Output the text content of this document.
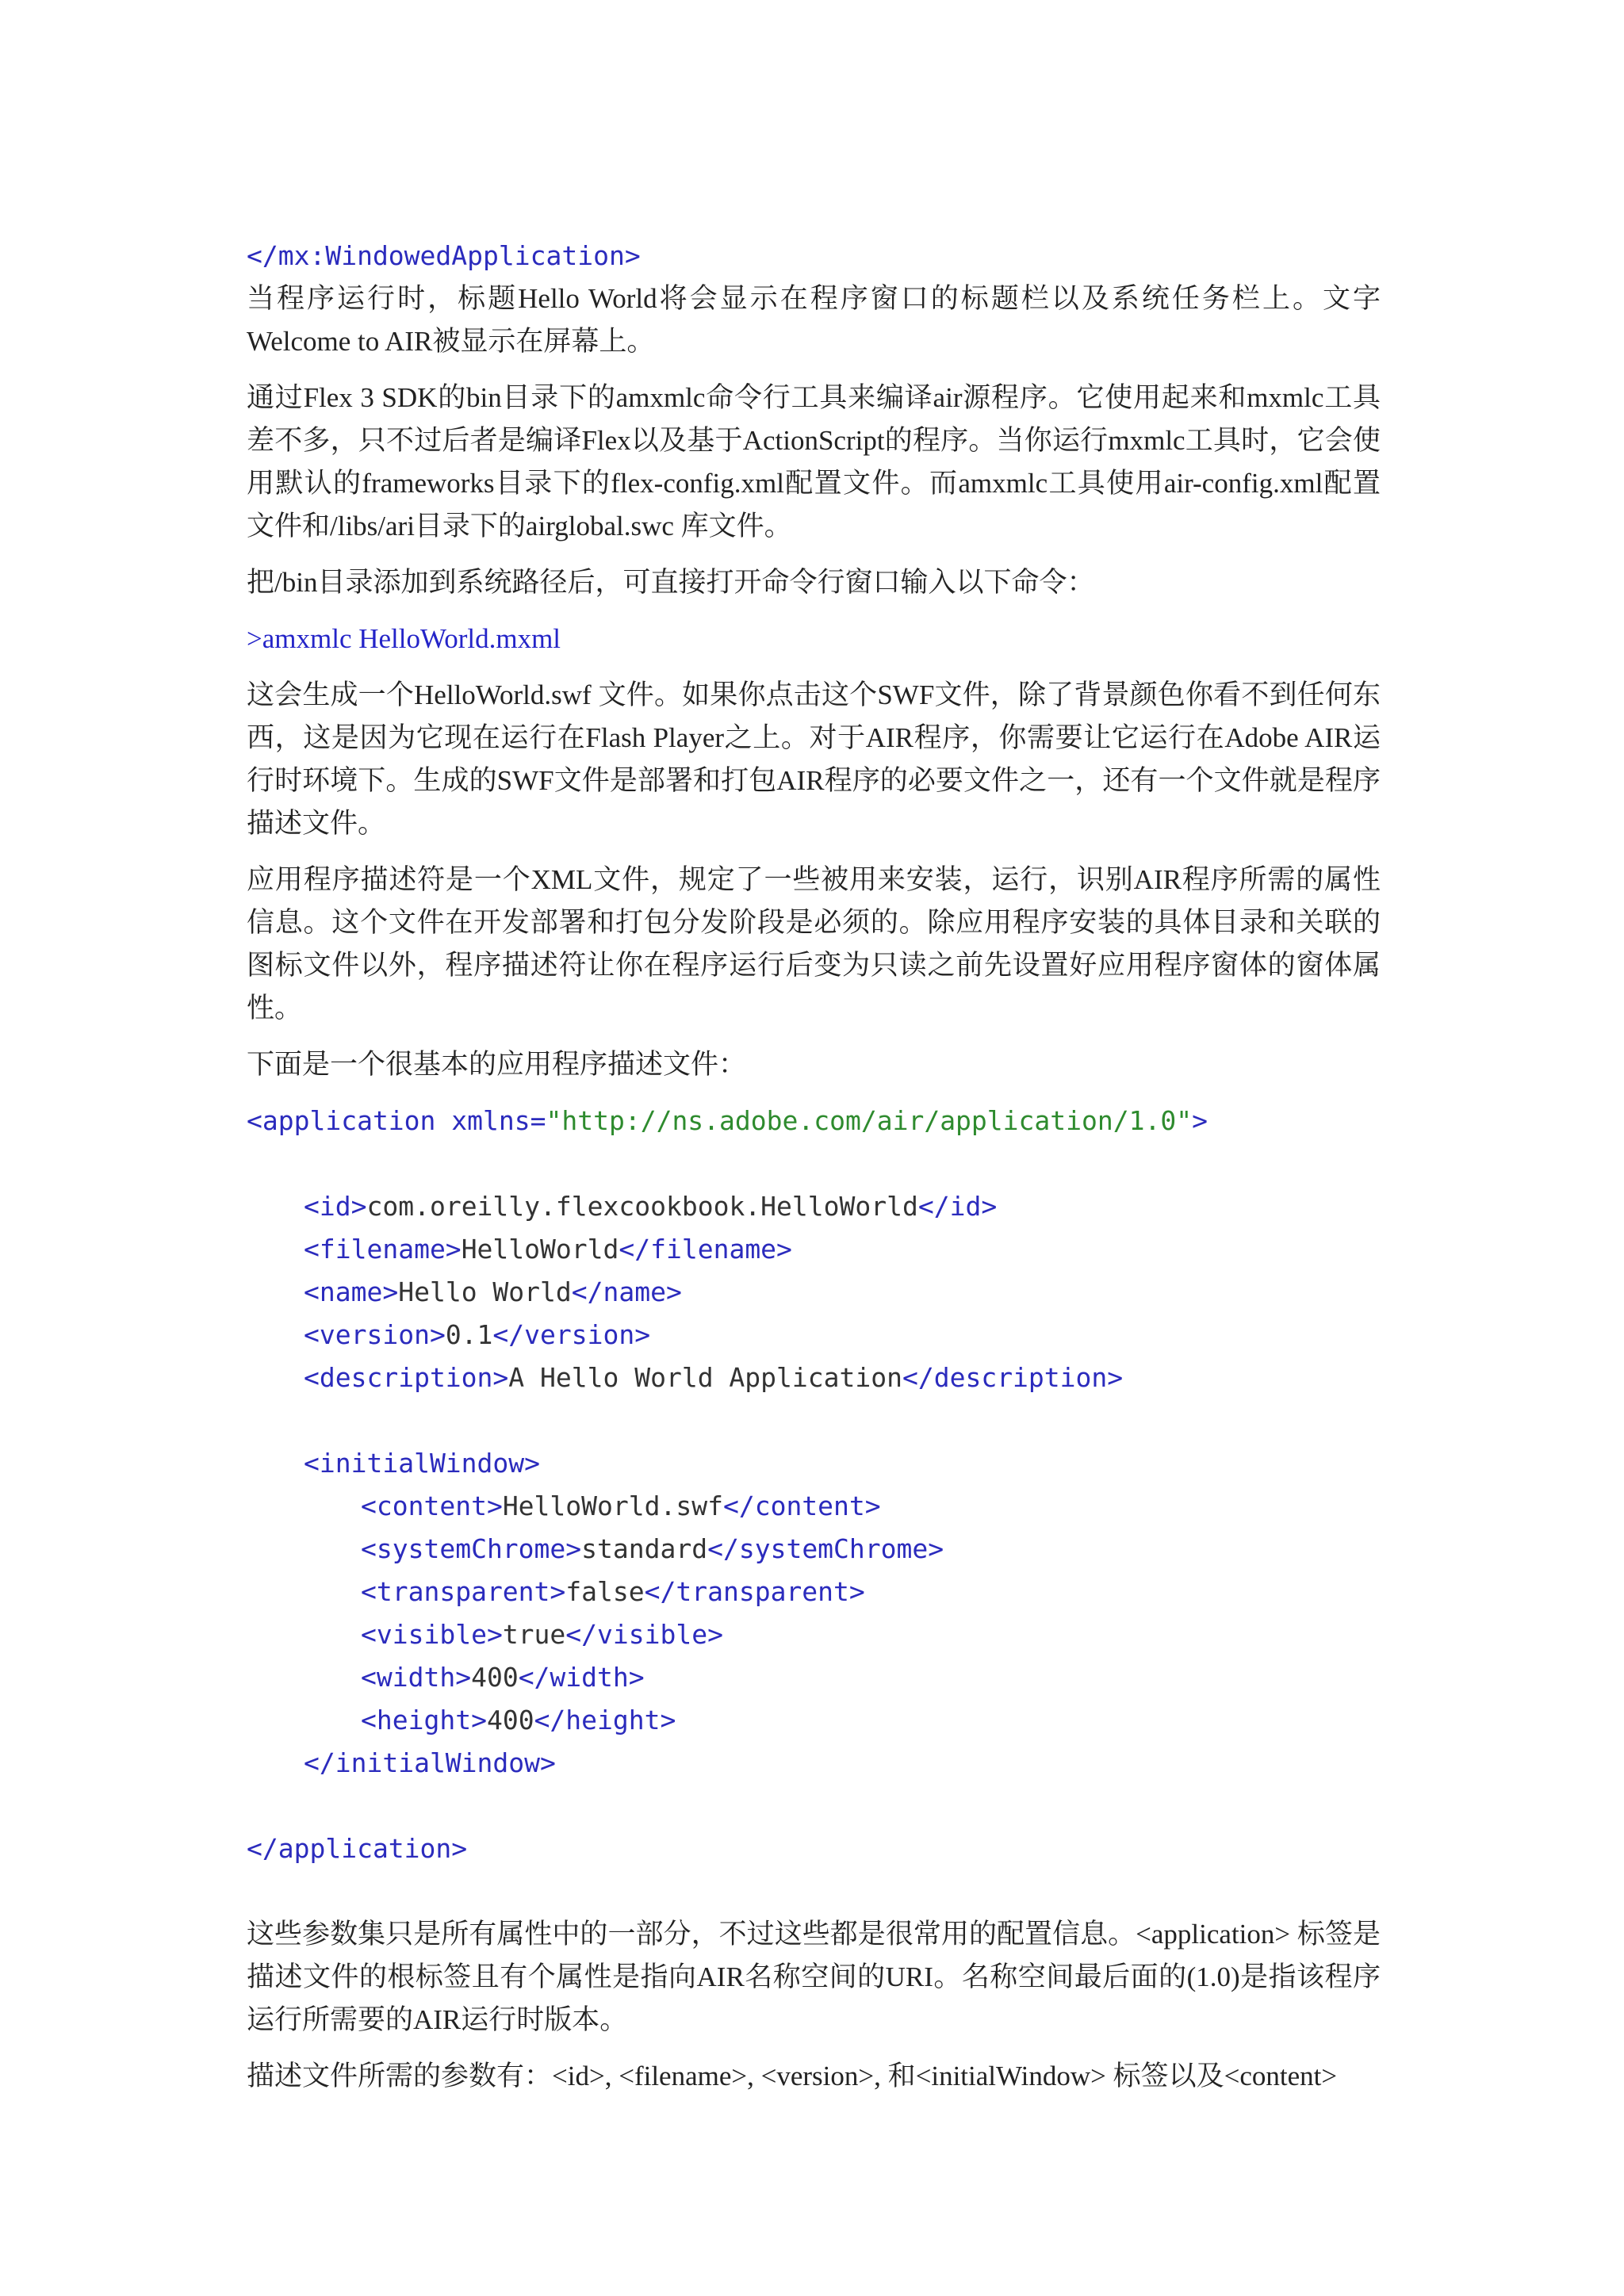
</mx:WindowedApplication>

当程序运行时，标题Hello World将会显示在程序窗口的标题栏以及系统任务栏上。文字Welcome to AIR被显示在屏幕上。

通过Flex 3 SDK的bin目录下的amxmlc命令行工具来编译air源程序。它使用起来和mxmlc工具差不多，只不过后者是编译Flex以及基于ActionScript的程序。当你运行mxmlc工具时，它会使用默认的frameworks目录下的flex-config.xml配置文件。而amxmlc工具使用air-config.xml配置文件和/libs/ari目录下的airglobal.swc 库文件。

把/bin目录添加到系统路径后，可直接打开命令行窗口输入以下命令：

>amxmlc HelloWorld.mxml

这会生成一个HelloWorld.swf 文件。如果你点击这个SWF文件，除了背景颜色你看不到任何东西，这是因为它现在运行在Flash Player之上。对于AIR程序，你需要让它运行在Adobe AIR运行时环境下。生成的SWF文件是部署和打包AIR程序的必要文件之一，还有一个文件就是程序描述文件。

应用程序描述符是一个XML文件，规定了一些被用来安装，运行，识别AIR程序所需的属性信息。这个文件在开发部署和打包分发阶段是必须的。除应用程序安装的具体目录和关联的图标文件以外，程序描述符让你在程序运行后变为只读之前先设置好应用程序窗体的窗体属性。

下面是一个很基本的应用程序描述文件：

<application xmlns="http://ns.adobe.com/air/application/1.0">
<id>com.oreilly.flexcookbook.HelloWorld</id>
<filename>HelloWorld</filename>
<name>Hello World</name>
<version>0.1</version>
<description>A Hello World Application</description>
<initialWindow>
<content>HelloWorld.swf</content>
<systemChrome>standard</systemChrome>
<transparent>false</transparent>
<visible>true</visible>
<width>400</width>
<height>400</height>
</initialWindow>
</application>

这些参数集只是所有属性中的一部分，不过这些都是很常用的配置信息。<application> 标签是描述文件的根标签且有个属性是指向AIR名称空间的URI。名称空间最后面的(1.0)是指该程序运行所需要的AIR运行时版本。

描述文件所需的参数有：<id>, <filename>, <version>, 和<initialWindow> 标签以及<content>
